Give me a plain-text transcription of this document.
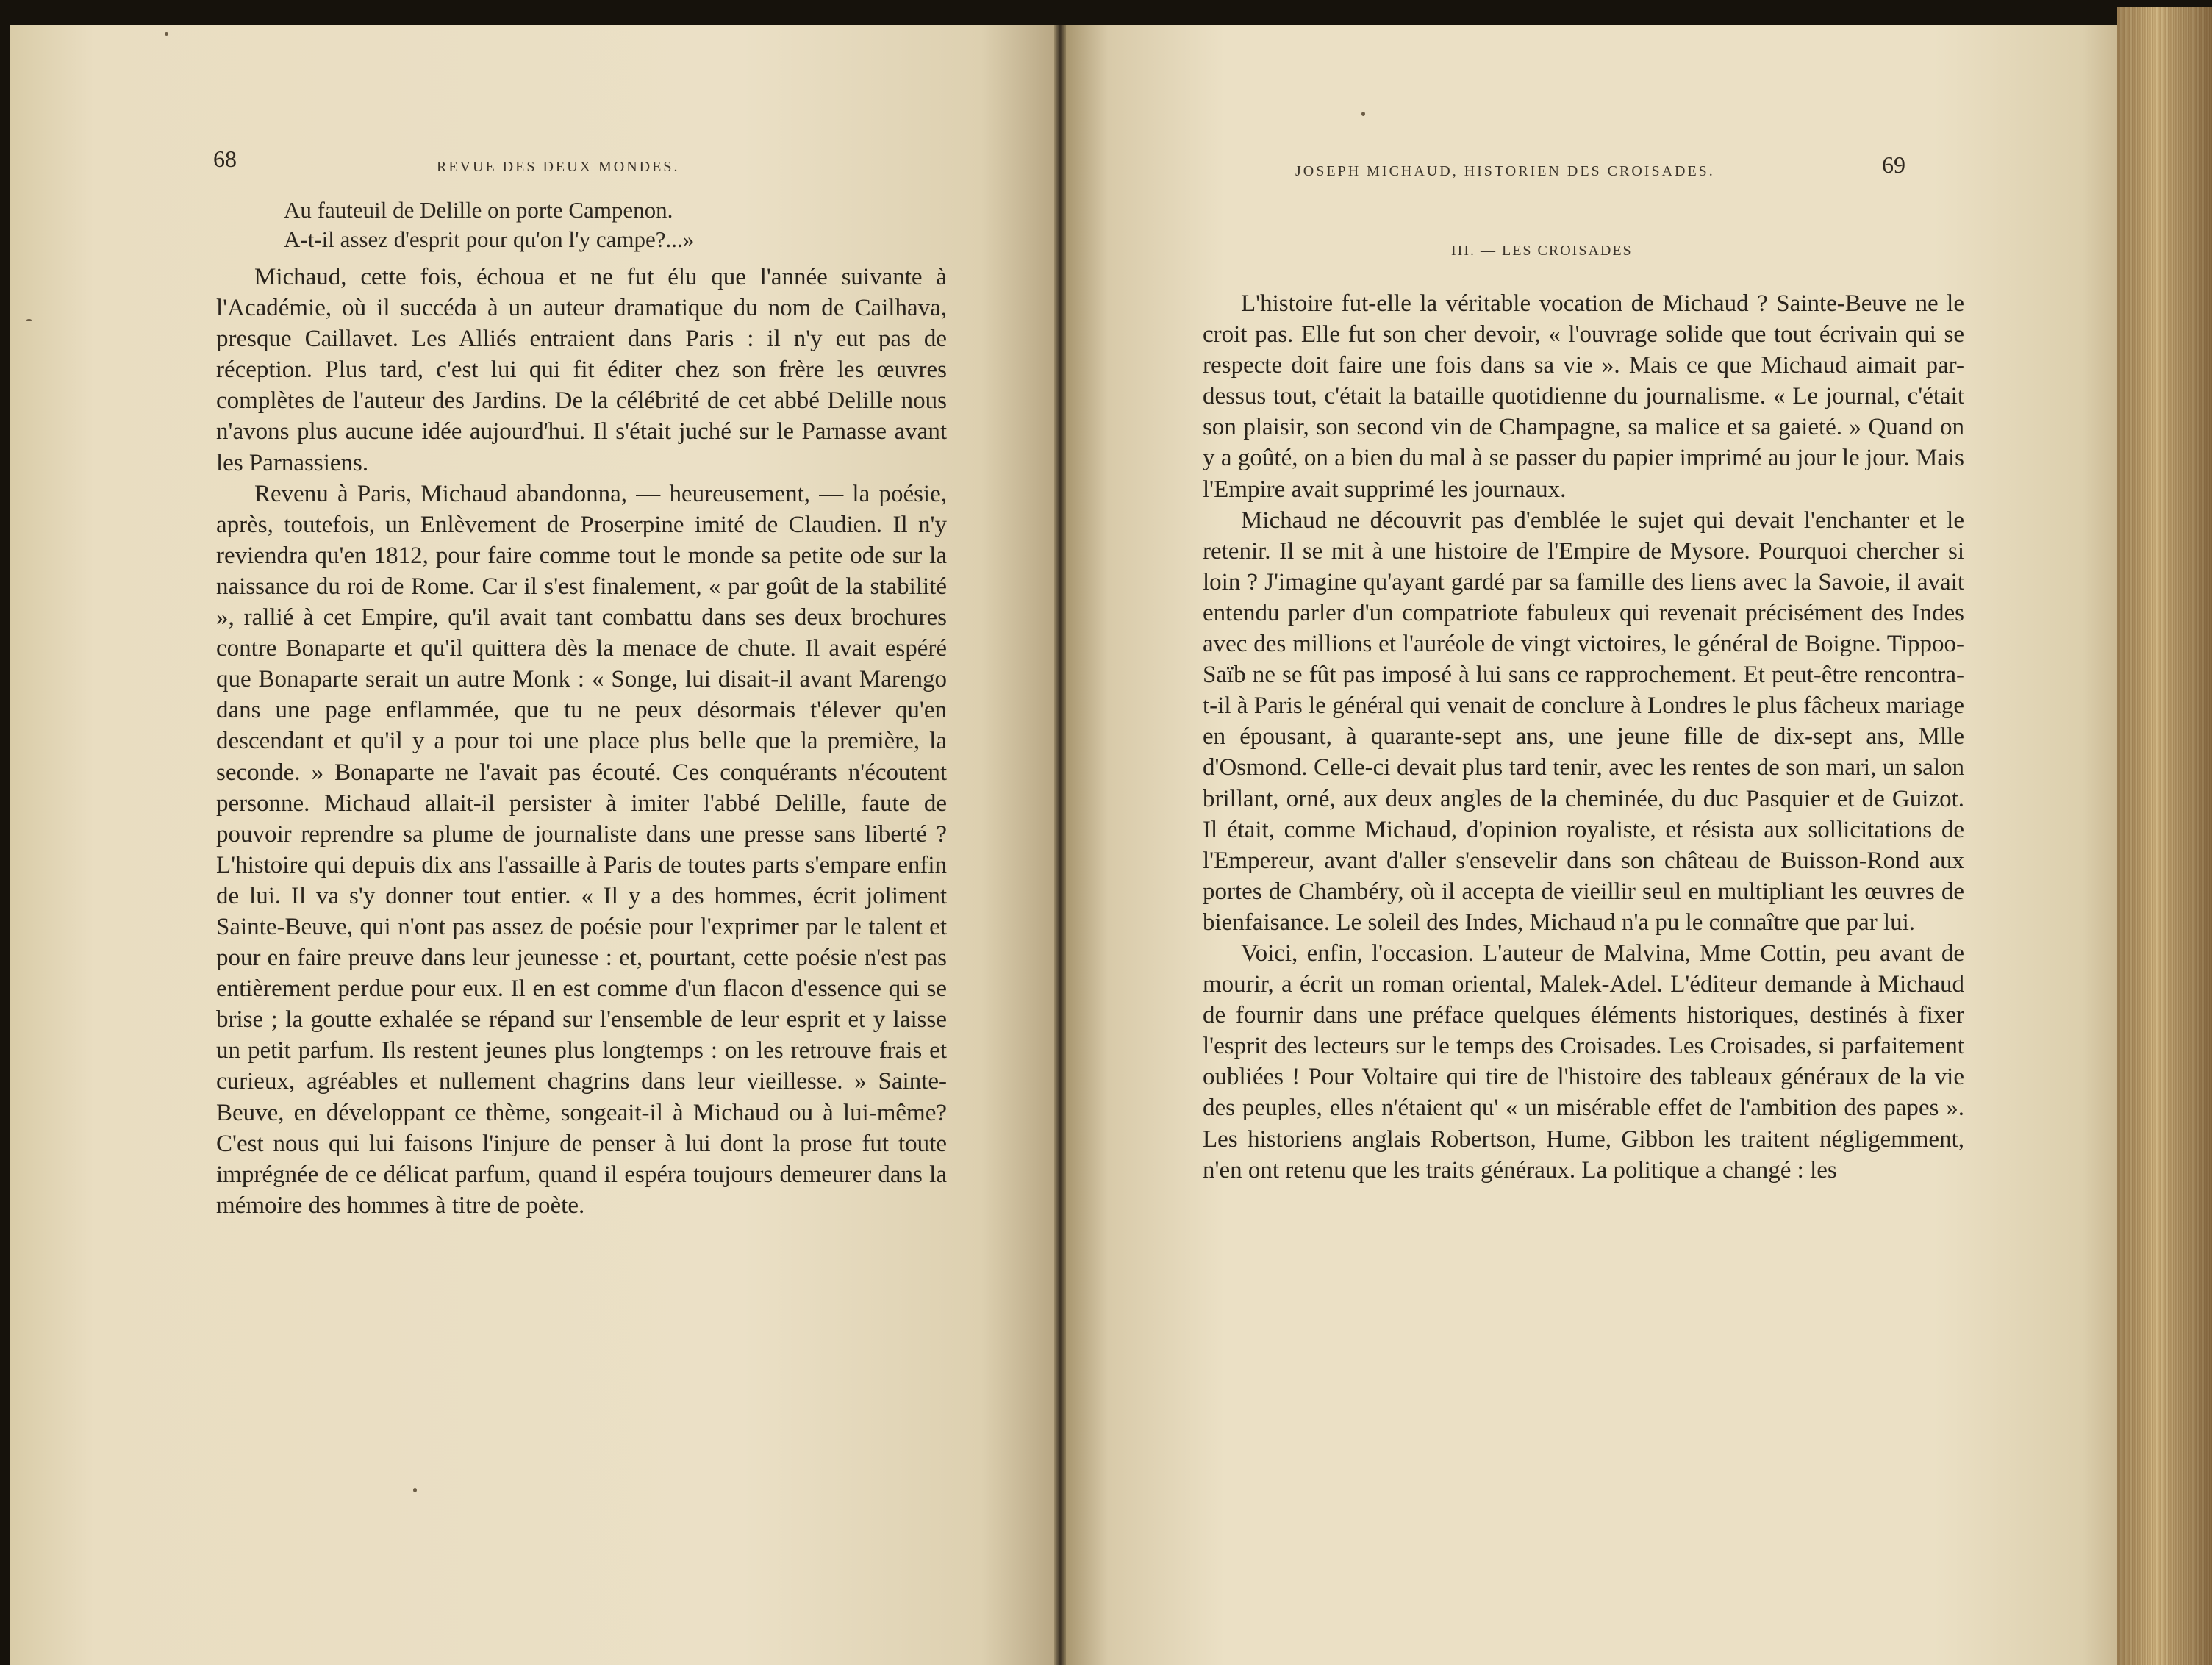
68	REVUE DES DEUX MONDES.
Au fauteuil de Delille on porte Campenon.
A-t-il assez d'esprit pour qu'on l'y campe?...»

Michaud, cette fois, échoua et ne fut élu que l'année suivante à l'Académie, où il succéda à un auteur dramatique du nom de Cailhava, presque Caillavet. Les Alliés entraient dans Paris : il n'y eut pas de réception. Plus tard, c'est lui qui fit éditer chez son frère les œuvres complètes de l'auteur des Jardins. De la célébrité de cet abbé Delille nous n'avons plus aucune idée aujourd'hui. Il s'était juché sur le Parnasse avant les Parnassiens.

Revenu à Paris, Michaud abandonna, — heureusement, — la poésie, après, toutefois, un Enlèvement de Proserpine imité de Claudien. Il n'y reviendra qu'en 1812, pour faire comme tout le monde sa petite ode sur la naissance du roi de Rome. Car il s'est finalement, « par goût de la stabilité », rallié à cet Empire, qu'il avait tant combattu dans ses deux brochures contre Bonaparte et qu'il quittera dès la menace de chute. Il avait espéré que Bonaparte serait un autre Monk : « Songe, lui disait-il avant Marengo dans une page enflammée, que tu ne peux désormais t'élever qu'en descendant et qu'il y a pour toi une place plus belle que la première, la seconde. » Bonaparte ne l'avait pas écouté. Ces conquérants n'écoutent personne. Michaud allait-il persister à imiter l'abbé Delille, faute de pouvoir reprendre sa plume de journaliste dans une presse sans liberté ? L'histoire qui depuis dix ans l'assaille à Paris de toutes parts s'empare enfin de lui. Il va s'y donner tout entier. « Il y a des hommes, écrit joliment Sainte-Beuve, qui n'ont pas assez de poésie pour l'exprimer par le talent et pour en faire preuve dans leur jeunesse : et, pourtant, cette poésie n'est pas entièrement perdue pour eux. Il en est comme d'un flacon d'essence qui se brise ; la goutte exhalée se répand sur l'ensemble de leur esprit et y laisse un petit parfum. Ils restent jeunes plus longtemps : on les retrouve frais et curieux, agréables et nullement chagrins dans leur vieillesse. » Sainte-Beuve, en développant ce thème, songeait-il à Michaud ou à lui-même? C'est nous qui lui faisons l'injure de penser à lui dont la prose fut toute imprégnée de ce délicat parfum, quand il espéra toujours demeurer dans la mémoire des hommes à titre de poète.

JOSEPH MICHAUD, HISTORIEN DES CROISADES.	69
III. — LES CROISADES

L'histoire fut-elle la véritable vocation de Michaud ? Sainte-Beuve ne le croit pas. Elle fut son cher devoir, « l'ouvrage solide que tout écrivain qui se respecte doit faire une fois dans sa vie ». Mais ce que Michaud aimait par-dessus tout, c'était la bataille quotidienne du journalisme. « Le journal, c'était son plaisir, son second vin de Champagne, sa malice et sa gaieté. » Quand on y a goûté, on a bien du mal à se passer du papier imprimé au jour le jour. Mais l'Empire avait supprimé les journaux.

Michaud ne découvrit pas d'emblée le sujet qui devait l'enchanter et le retenir. Il se mit à une histoire de l'Empire de Mysore. Pourquoi chercher si loin ? J'imagine qu'ayant gardé par sa famille des liens avec la Savoie, il avait entendu parler d'un compatriote fabuleux qui revenait précisément des Indes avec des millions et l'auréole de vingt victoires, le général de Boigne. Tippoo-Saïb ne se fût pas imposé à lui sans ce rapprochement. Et peut-être rencontra-t-il à Paris le général qui venait de conclure à Londres le plus fâcheux mariage en épousant, à quarante-sept ans, une jeune fille de dix-sept ans, Mlle d'Osmond. Celle-ci devait plus tard tenir, avec les rentes de son mari, un salon brillant, orné, aux deux angles de la cheminée, du duc Pasquier et de Guizot. Il était, comme Michaud, d'opinion royaliste, et résista aux sollicitations de l'Empereur, avant d'aller s'ensevelir dans son château de Buisson-Rond aux portes de Chambéry, où il accepta de vieillir seul en multipliant les œuvres de bienfaisance. Le soleil des Indes, Michaud n'a pu le connaître que par lui.

Voici, enfin, l'occasion. L'auteur de Malvina, Mme Cottin, peu avant de mourir, a écrit un roman oriental, Malek-Adel. L'éditeur demande à Michaud de fournir dans une préface quelques éléments historiques, destinés à fixer l'esprit des lecteurs sur le temps des Croisades. Les Croisades, si parfaitement oubliées ! Pour Voltaire qui tire de l'histoire des tableaux généraux de la vie des peuples, elles n'étaient qu' « un misérable effet de l'ambition des papes ». Les historiens anglais Robertson, Hume, Gibbon les traitent négligemment, n'en ont retenu que les traits généraux. La politique a changé : les
